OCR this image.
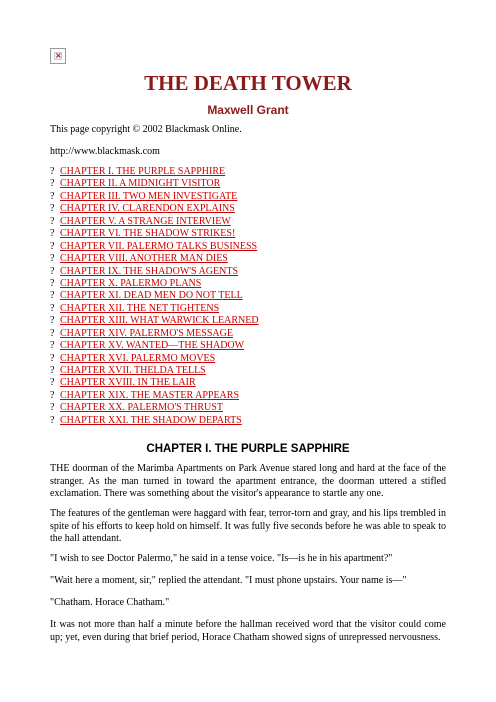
×
THE DEATH TOWER
Maxwell Grant

This page copyright © 2002 Blackmask Online.

http://www.blackmask.com

? CHAPTER I. THE PURPLE SAPPHIRE
? CHAPTER II. A MIDNIGHT VISITOR
? CHAPTER III. TWO MEN INVESTIGATE
? CHAPTER IV. CLARENDON EXPLAINS
? CHAPTER V. A STRANGE INTERVIEW
? CHAPTER VI. THE SHADOW STRIKES!
? CHAPTER VII. PALERMO TALKS BUSINESS
? CHAPTER VIII. ANOTHER MAN DIES
? CHAPTER IX. THE SHADOW'S AGENTS
? CHAPTER X. PALERMO PLANS
? CHAPTER XI. DEAD MEN DO NOT TELL
? CHAPTER XII. THE NET TIGHTENS
? CHAPTER XIII. WHAT WARWICK LEARNED
? CHAPTER XIV. PALERMO'S MESSAGE
? CHAPTER XV. WANTED—THE SHADOW
? CHAPTER XVI. PALERMO MOVES
? CHAPTER XVII. THELDA TELLS
? CHAPTER XVIII. IN THE LAIR
? CHAPTER XIX. THE MASTER APPEARS
? CHAPTER XX. PALERMO'S THRUST
? CHAPTER XXI. THE SHADOW DEPARTS
CHAPTER I. THE PURPLE SAPPHIRE

THE doorman of the Marimba Apartments on Park Avenue stared long and hard at the face of the stranger. As the man turned in toward the apartment entrance, the doorman uttered a stifled exclamation. There was something about the visitor's appearance to startle any one.

The features of the gentleman were haggard with fear, terror-torn and gray, and his lips trembled in spite of his efforts to keep hold on himself. It was fully five seconds before he was able to speak to the hall attendant.

"I wish to see Doctor Palermo," he said in a tense voice. "Is—is he in his apartment?"

"Wait here a moment, sir," replied the attendant. "I must phone upstairs. Your name is—"

"Chatham. Horace Chatham."

It was not more than half a minute before the hallman received word that the visitor could come up; yet, even during that brief period, Horace Chatham showed signs of unrepressed nervousness.
